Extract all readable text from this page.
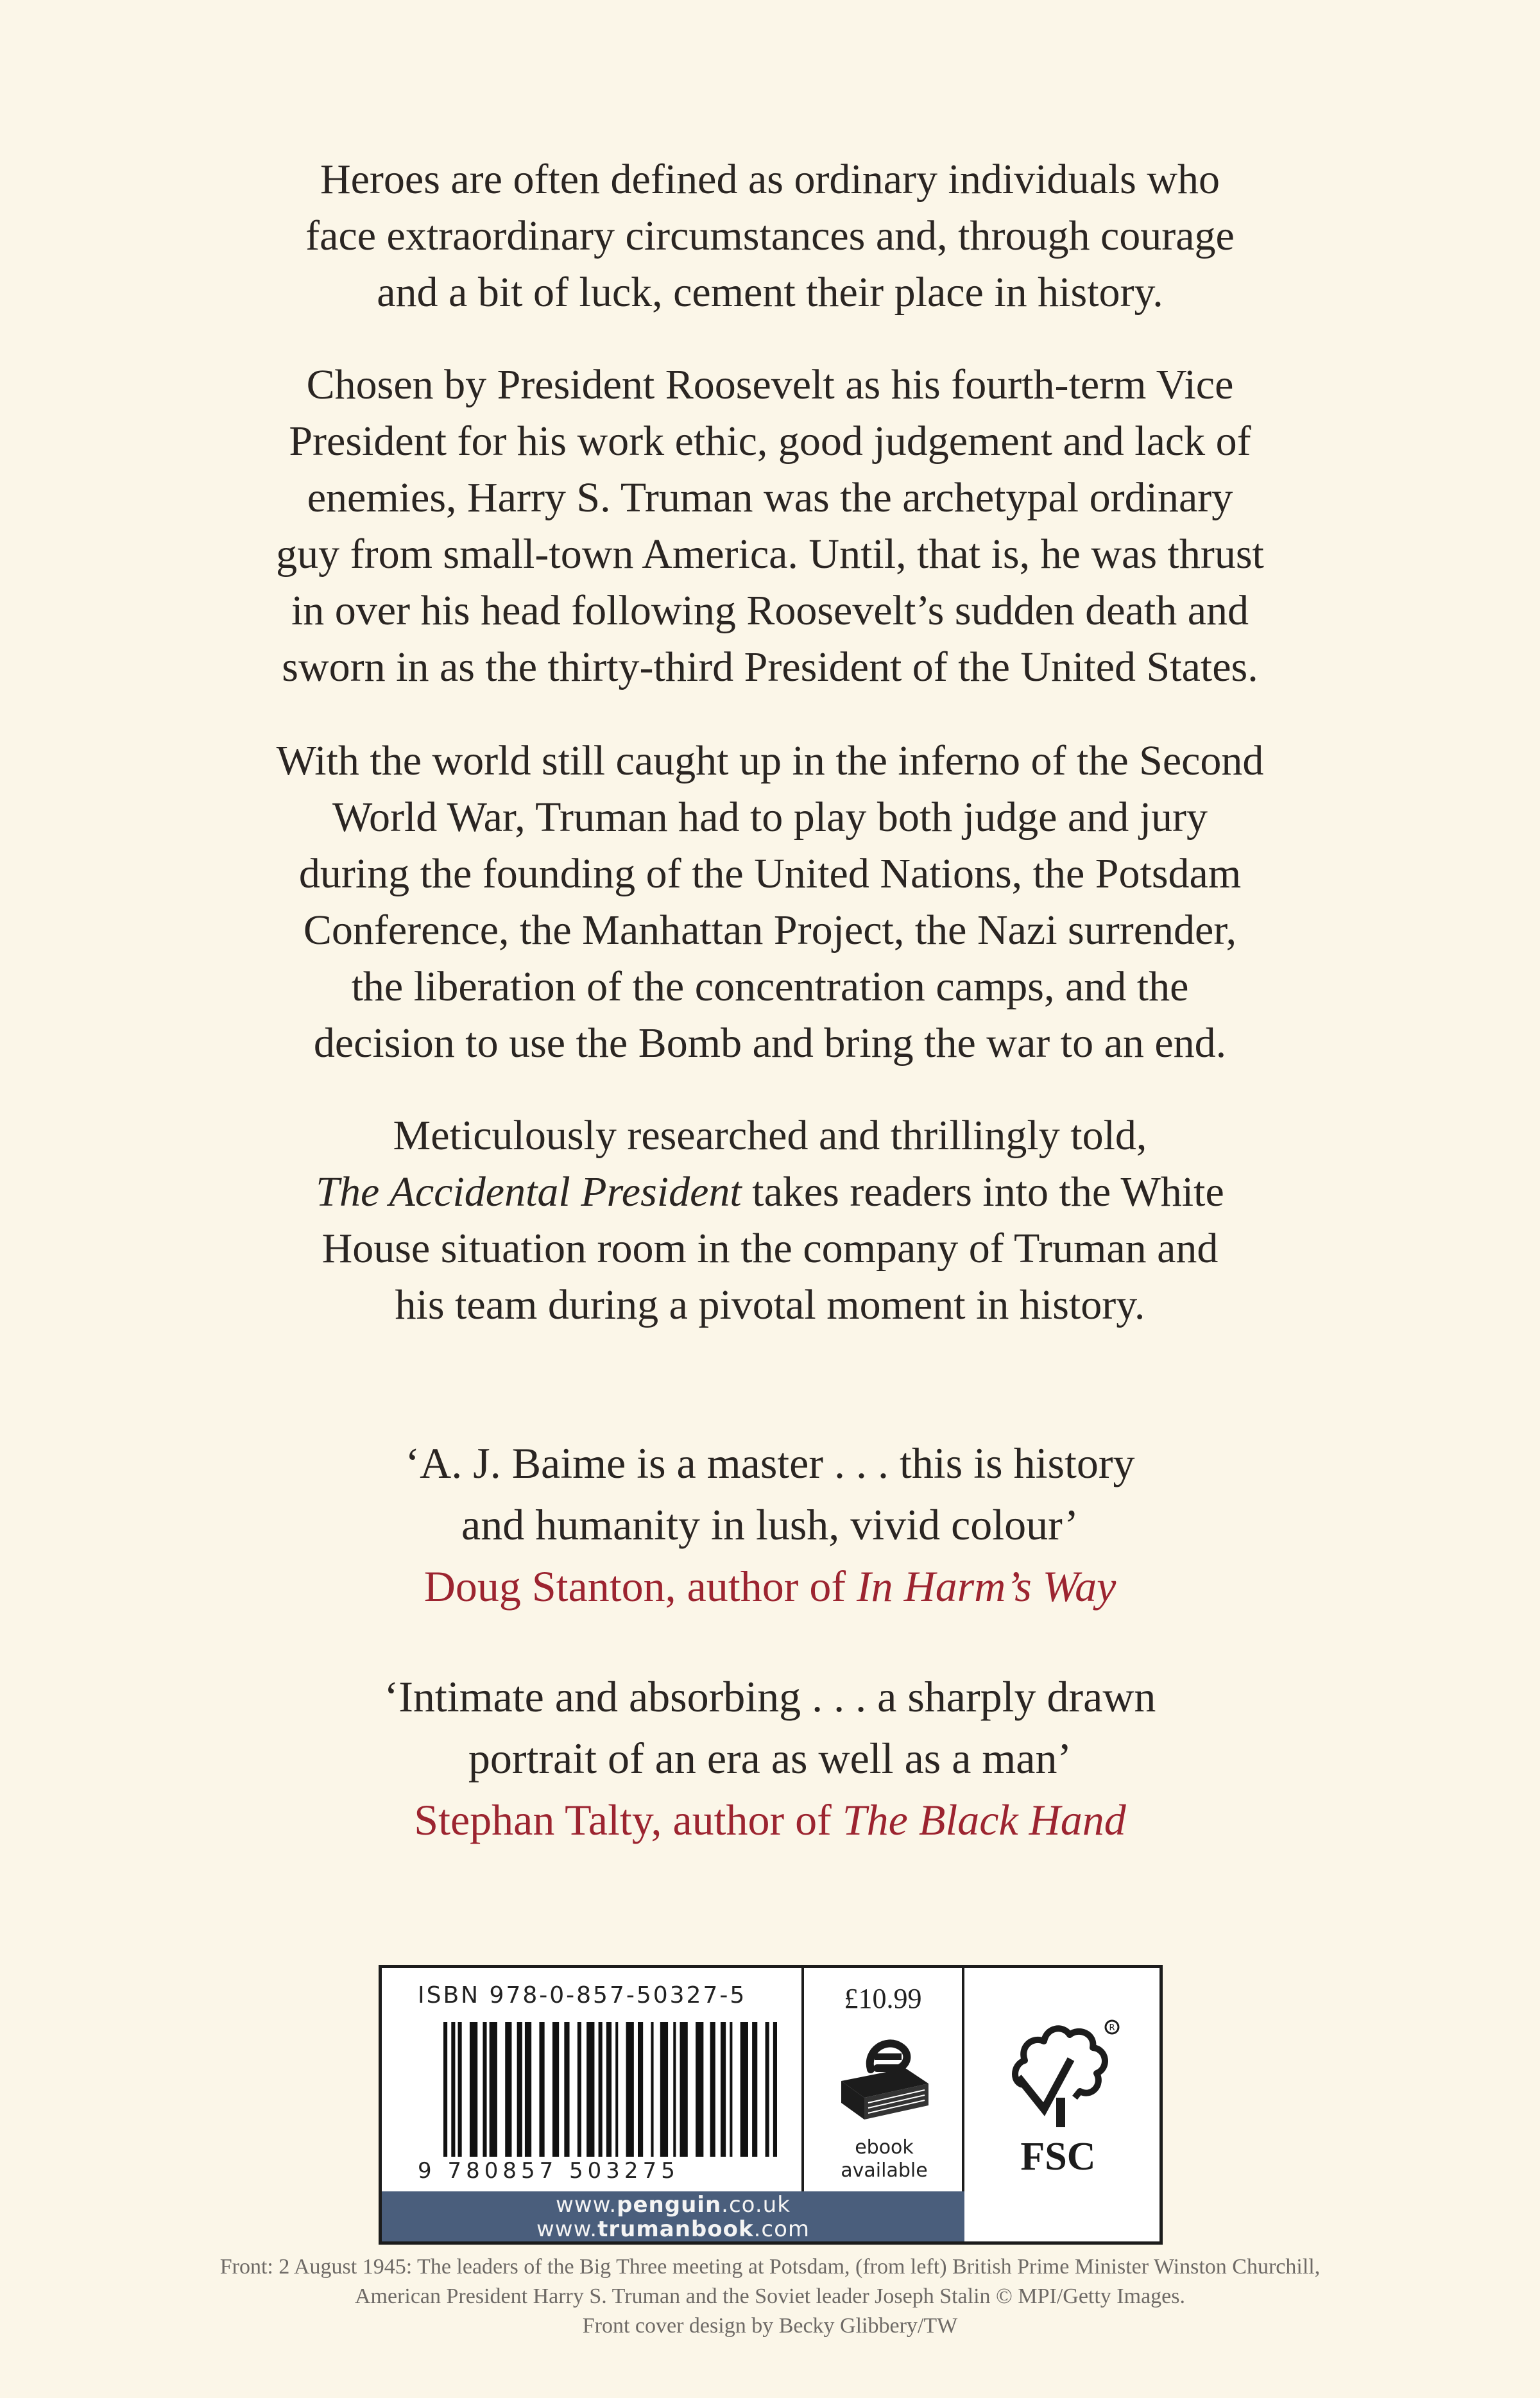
Heroes are often defined as ordinary individuals who
face extraordinary circumstances and, through courage
and a bit of luck, cement their place in history.

Chosen by President Roosevelt as his fourth-term Vice
President for his work ethic, good judgement and lack of
enemies, Harry S. Truman was the archetypal ordinary
guy from small-town America. Until, that is, he was thrust
in over his head following Roosevelt’s sudden death and
sworn in as the thirty-third President of the United States.

With the world still caught up in the inferno of the Second
World War, Truman had to play both judge and jury
during the founding of the United Nations, the Potsdam
Conference, the Manhattan Project, the Nazi surrender,
the liberation of the concentration camps, and the
decision to use the Bomb and bring the war to an end.

Meticulously researched and thrillingly told,
The Accidental President takes readers into the White
House situation room in the company of Truman and
his team during a pivotal moment in history.

‘A. J. Baime is a master . . . this is history
and humanity in lush, vivid colour’
Doug Stanton, author of In Harm’s Way
‘Intimate and absorbing . . . a sharply drawn
portrait of an era as well as a man’
Stephan Talty, author of The Black Hand
ISBN 978-0-857-50327-5
9 780857 503275
£10.99
ebook
available
R
FSC
www.penguin.co.uk
www.trumanbook.com
Front: 2 August 1945: The leaders of the Big Three meeting at Potsdam, (from left) British Prime Minister Winston Churchill,
American President Harry S. Truman and the Soviet leader Joseph Stalin © MPI/Getty Images.
Front cover design by Becky Glibbery/TW
